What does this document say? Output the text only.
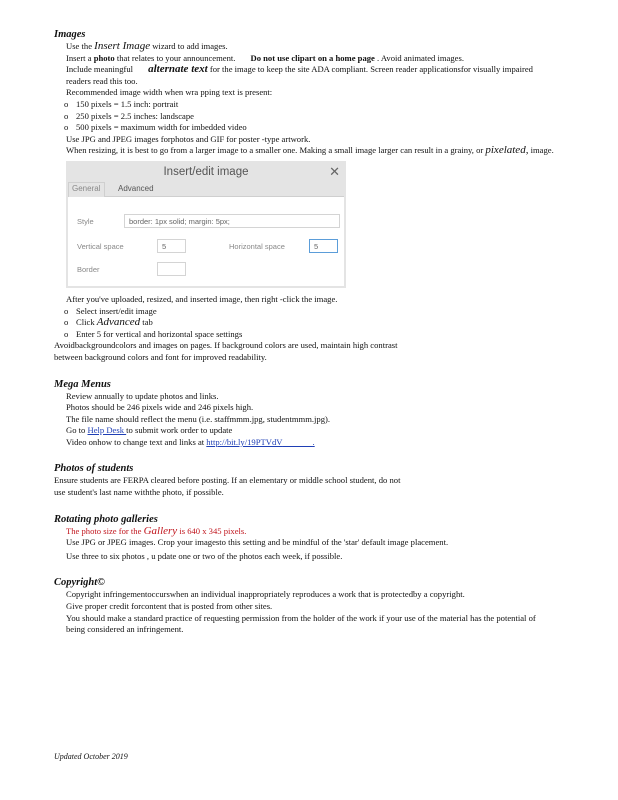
Images

Use the Insert Image wizard to add images.

Insert a photo that relates to your announcement. Do not use clipart on a home page . Avoid animated images.

Include meaningful       alternate text for the image to keep the site ADA compliant. Screen reader applicationsfor visually impaired readers read this too.

Recommended image width when wra pping text is present:

o 150 pixels = 1.5 inch: portrait

o 250 pixels = 2.5 inches: landscape

o 500 pixels = maximum width for imbedded video

Use JPG and JPEG images forphotos and GIF for poster -type artwork.

When resizing, it is best to go from a larger image to a smaller one. Making a small image larger can result in a grainy, or pixelated, image.

Insert/edit image	✕
General	Advanced
Style	border: 1px solid; margin: 5px;
Vertical space	5	Horizontal space	5
Border

After you've uploaded, resized, and inserted image, then right -click the image.

o Select insert/edit image

o Click Advanced tab

o Enter 5 for vertical and horizontal space settings

Avoidbackgroundcolors and images on pages. If background colors are used, maintain high contrast

between background colors and font for improved readability.

Mega Menus

Review annually to update photos and links.

Photos should be 246 pixels wide and 246 pixels high.

The file name should reflect the menu (i.e. staffmmm.jpg, studentmmm.jpg).

Go to Help Desk to submit work order to update

Video onhow to change text and links at http://bit.ly/19PTVdV	.

Photos of students

Ensure students are FERPA cleared before posting. If an elementary or middle school student, do not

use student's last name withthe photo, if possible.

Rotating photo galleries

The photo size for the Gallery is 640 x 345 pixels.

Use JPG or JPEG images. Crop your imagesto this setting and be mindful of the 'star' default image placement.

Use three to six photos , u pdate one or two of the photos each week, if possible.

Copyright©

Copyright infringementoccurswhen an individual inappropriately reproduces a work that is protectedby a copyright.

Give proper credit forcontent that is posted from other sites.

You should make a standard practice of requesting permission from the holder of the work if your use of the material has the potential of being considered an infringement.

Updated October 2019
